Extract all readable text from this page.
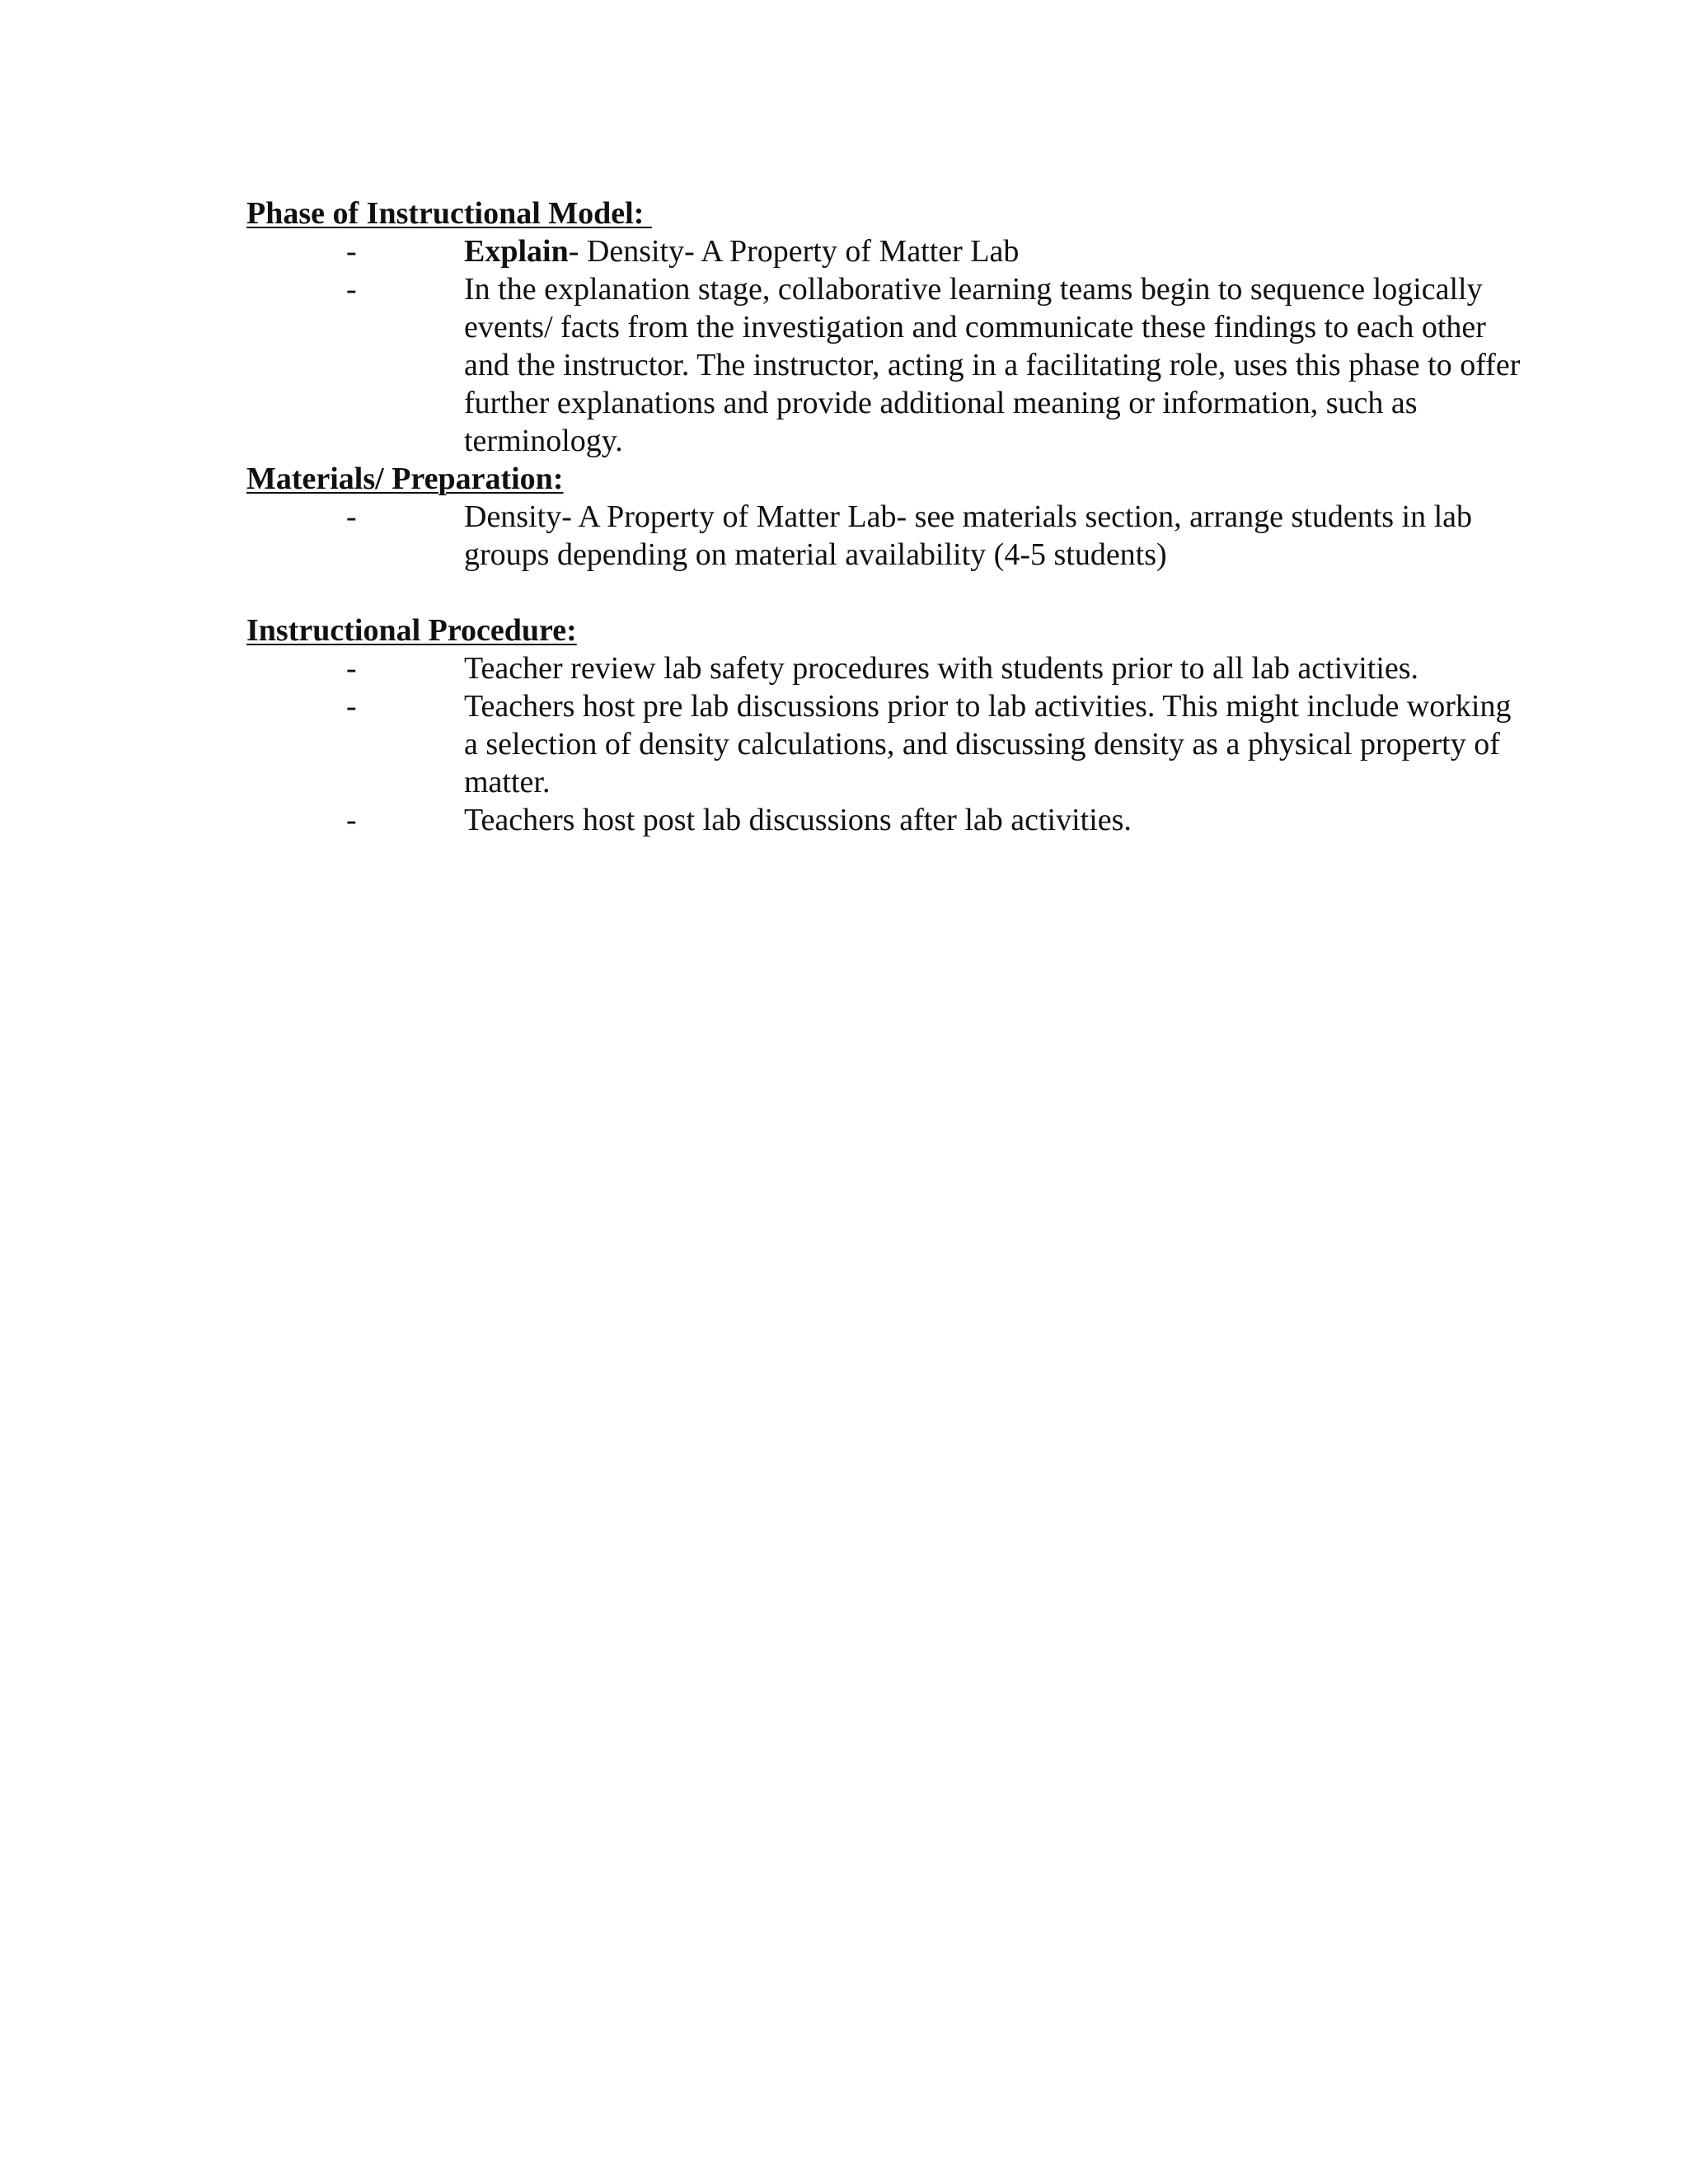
Phase of Instructional Model:
-	Explain- Density- A Property of Matter Lab
-	In the explanation stage, collaborative learning teams begin to sequence logically events/ facts from the investigation and communicate these findings to each other and the instructor. The instructor, acting in a facilitating role, uses this phase to offer further explanations and provide additional meaning or information, such as terminology.
Materials/ Preparation:
-	Density- A Property of Matter Lab- see materials section, arrange students in lab groups depending on material availability (4-5 students)
Instructional Procedure:
-	Teacher review lab safety procedures with students prior to all lab activities.
-	Teachers host pre lab discussions prior to lab activities. This might include working a selection of density calculations, and discussing density as a physical property of matter.
-	Teachers host post lab discussions after lab activities.
